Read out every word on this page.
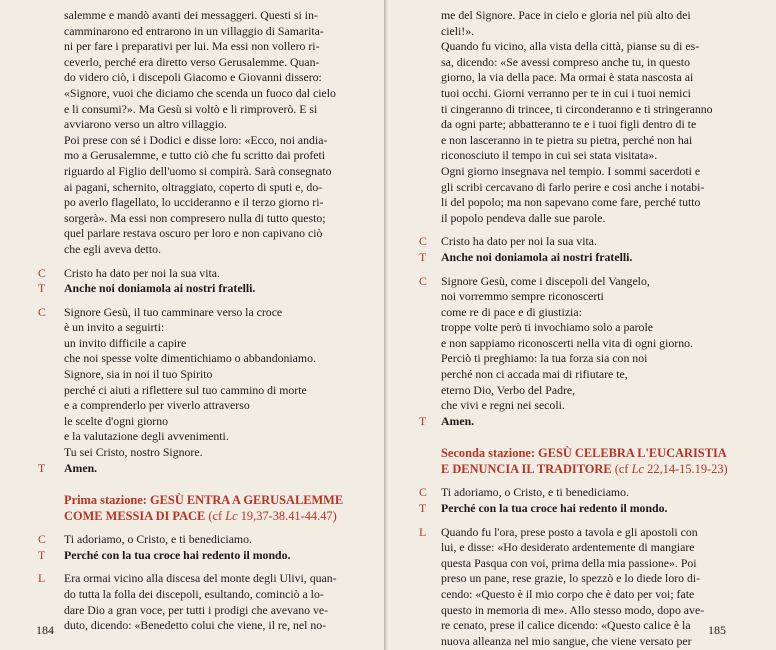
salemme e mandò avanti dei messaggeri. Questi si in-
camminarono ed entrarono in un villaggio di Samarita-
ni per fare i preparativi per lui. Ma essi non vollero ri-
ceverlo, perché era diretto verso Gerusalemme. Quan-
do videro ciò, i discepoli Giacomo e Giovanni dissero:
«Signore, vuoi che diciamo che scenda un fuoco dal cielo
e li consumi?». Ma Gesù si voltò e li rimproverò. E si
avviarono verso un altro villaggio.
Poi prese con sé i Dodici e disse loro: «Ecco, noi andia-
mo a Gerusalemme, e tutto ciò che fu scritto dai profeti
riguardo al Figlio dell'uomo si compirà. Sarà consegnato
ai pagani, schernito, oltraggiato, coperto di sputi e, do-
po averlo flagellato, lo uccideranno e il terzo giorno ri-
sorgerà». Ma essi non compresero nulla di tutto questo;
quel parlare restava oscuro per loro e non capivano ciò
che egli aveva detto.
C Cristo ha dato per noi la sua vita.
T Anche noi doniamola ai nostri fratelli.
C Signore Gesù, il tuo camminare verso la croce
è un invito a seguirti:
un invito difficile a capire
che noi spesse volte dimentichiamo o abbandoniamo.
Signore, sia in noi il tuo Spirito
perché ci aiuti a riflettere sul tuo cammino di morte
e a comprenderlo per viverlo attraverso
le scelte d'ogni giorno
e la valutazione degli avvenimenti.
Tu sei Cristo, nostro Signore.
T Amen.
Prima stazione: GESÙ ENTRA A GERUSALEMME
COME MESSIA DI PACE (cf Lc 19,37-38.41-44.47)
C Ti adoriamo, o Cristo, e ti benediciamo.
T Perché con la tua croce hai redento il mondo.
L Era ormai vicino alla discesa del monte degli Ulivi, quan-
do tutta la folla dei discepoli, esultando, cominciò a lo-
dare Dio a gran voce, per tutti i prodigi che avevano ve-
duto, dicendo: «Benedetto colui che viene, il re, nel no-
184
me del Signore. Pace in cielo e gloria nel più alto dei
cieli!».
Quando fu vicino, alla vista della città, pianse su di es-
sa, dicendo: «Se avessi compreso anche tu, in questo
giorno, la via della pace. Ma ormai è stata nascosta ai
tuoi occhi. Giorni verranno per te in cui i tuoi nemici
ti cingeranno di trincee, ti circonderanno e ti stringeranno
da ogni parte; abbatteranno te e i tuoi figli dentro di te
e non lasceranno in te pietra su pietra, perché non hai
riconosciuto il tempo in cui sei stata visitata».
Ogni giorno insegnava nel tempio. I sommi sacerdoti e
gli scribi cercavano di farlo perire e così anche i notabi-
li del popolo; ma non sapevano come fare, perché tutto
il popolo pendeva dalle sue parole.
C Cristo ha dato per noi la sua vita.
T Anche noi doniamola ai nostri fratelli.
C Signore Gesù, come i discepoli del Vangelo,
noi vorremmo sempre riconoscerti
come re di pace e di giustizia:
troppe volte però ti invochiamo solo a parole
e non sappiamo riconoscerti nella vita di ogni giorno.
Perciò ti preghiamo: la tua forza sia con noi
perché non ci accada mai di rifiutare te,
eterno Dio, Verbo del Padre,
che vivi e regni nei secoli.
T Amen.
Seconda stazione: GESÙ CELEBRA L'EUCARISTIA
E DENUNCIA IL TRADITORE (cf Lc 22,14-15.19-23)
C Ti adoriamo, o Cristo, e ti benediciamo.
T Perché con la tua croce hai redento il mondo.
L Quando fu l'ora, prese posto a tavola e gli apostoli con
lui, e disse: «Ho desiderato ardentemente di mangiare
questa Pasqua con voi, prima della mia passione». Poi
preso un pane, rese grazie, lo spezzò e lo diede loro di-
cendo: «Questo è il mio corpo che è dato per voi; fate
questo in memoria di me». Allo stesso modo, dopo ave-
re cenato, prese il calice dicendo: «Questo calice è la
nuova alleanza nel mio sangue, che viene versato per
185
